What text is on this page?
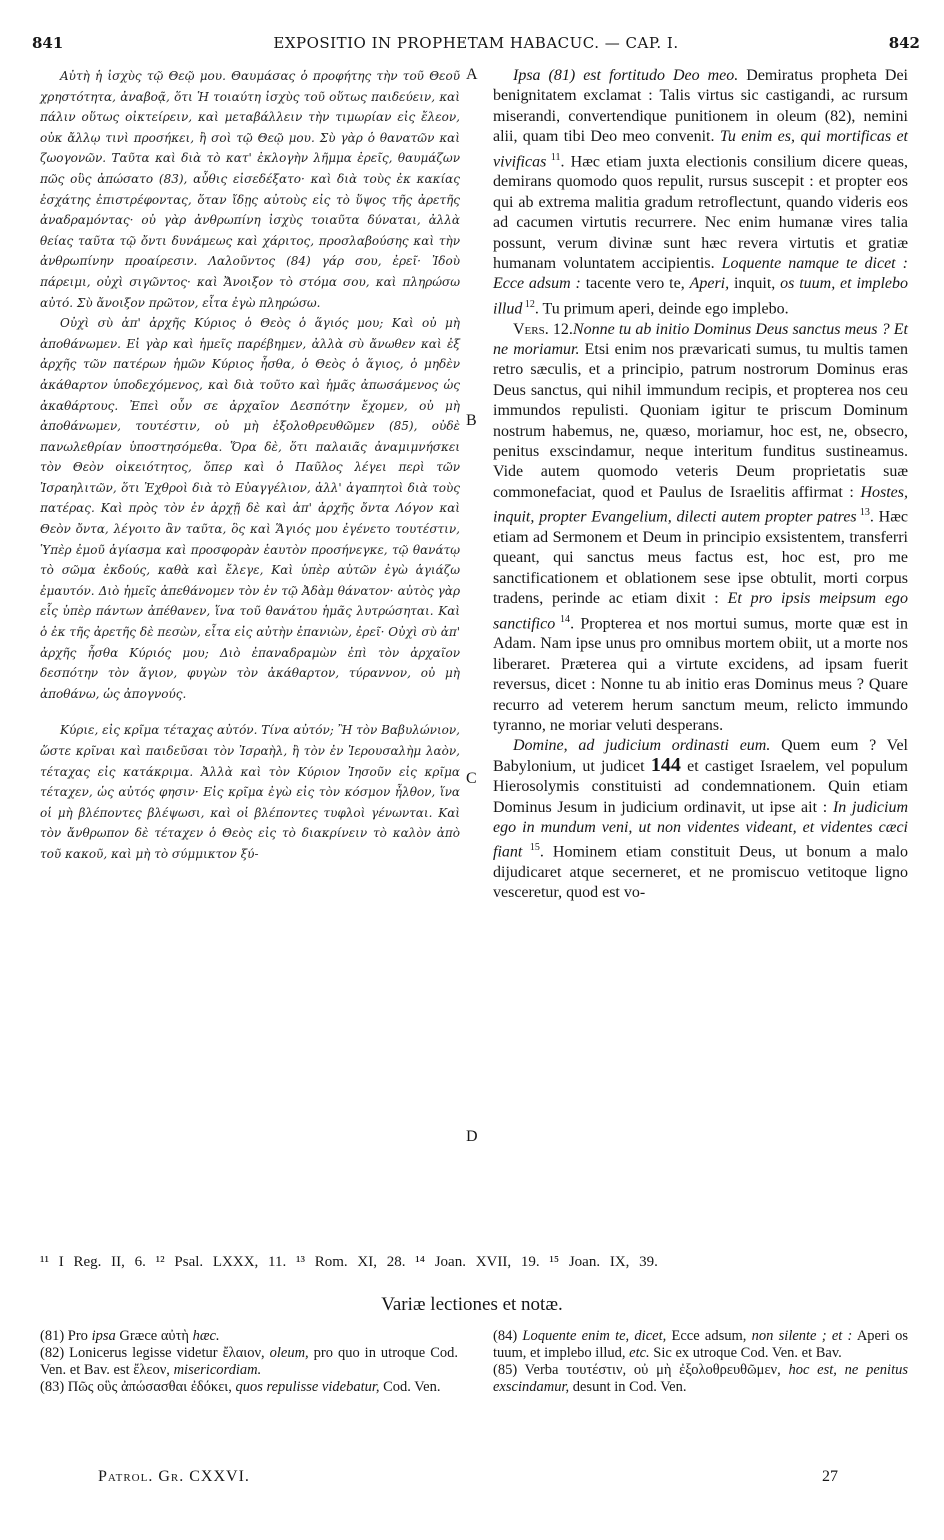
841	EXPOSITIO IN PROPHETAM HABACUC. — CAP. I.	842

Αὐτὴ ἡ ἰσχὺς τῷ Θεῷ μου. Θαυμάσας ὁ προφήτης τὴν τοῦ Θεοῦ χρηστότητα, ἀναβοᾷ, ὅτι Ἡ τοιαύτη ἰσχὺς τοῦ οὕτως παιδεύειν, καὶ πάλιν οὕτως οἰκτείρειν, καὶ μεταβάλλειν τὴν τιμωρίαν εἰς ἔλεον, οὐκ ἄλλῳ τινὶ προσήκει, ἢ σοὶ τῷ Θεῷ μου. Σὺ γὰρ ὁ θανατῶν καὶ ζωογονῶν. Ταῦτα καὶ διὰ τὸ κατ' ἐκλογὴν λῆμμα ἐρεῖς, θαυμάζων πῶς οὓς ἀπώσατο (83), αὖθις εἰσεδέξατο· καὶ διὰ τοὺς ἐκ κακίας ἐσχάτης ἐπιστρέφοντας, ὅταν ἴδῃς αὐτοὺς εἰς τὸ ὕψος τῆς ἀρετῆς ἀναδραμόντας· οὐ γὰρ ἀνθρωπίνη ἰσχὺς τοιαῦτα δύναται, ἀλλὰ θείας ταῦτα τῷ ὄντι δυνάμεως καὶ χάριτος, προσλαβούσης καὶ τὴν ἀνθρωπίνην προαίρεσιν. Λαλοῦντος (84) γάρ σου, ἐρεῖ· Ἰδοὺ πάρειμι, οὐχὶ σιγῶντος· καὶ Ἄνοιξον τὸ στόμα σου, καὶ πληρώσω αὐτό. Σὺ ἄνοιξον πρῶτον, εἶτα ἐγὼ πληρώσω.

Οὐχὶ σὺ ἀπ' ἀρχῆς Κύριος ὁ Θεὸς ὁ ἅγιός μου; Καὶ οὐ μὴ ἀποθάνωμεν. Εἰ γὰρ καὶ ἡμεῖς παρέβημεν, ἀλλὰ σὺ ἄνωθεν καὶ ἐξ ἀρχῆς τῶν πατέρων ἡμῶν Κύριος ἦσθα, ὁ Θεὸς ὁ ἅγιος, ὁ μηδὲν ἀκάθαρτον ὑποδεχόμενος, καὶ διὰ τοῦτο καὶ ἡμᾶς ἀπωσάμενος ὡς ἀκαθάρτους. Ἐπεὶ οὖν σε ἀρχαῖον Δεσπότην ἔχομεν, οὐ μὴ ἀποθάνωμεν, τουτέστιν, οὐ μὴ ἐξολοθρευθῶμεν (85), οὐδὲ πανωλεθρίαν ὑποστησόμεθα. Ὅρα δὲ, ὅτι παλαιᾶς ἀναμιμνήσκει τὸν Θεὸν οἰκειότητος, ὅπερ καὶ ὁ Παῦλος λέγει περὶ τῶν Ἰσραηλιτῶν, ὅτι Ἐχθροὶ διὰ τὸ Εὐαγγέλιον, ἀλλ' ἀγαπητοὶ διὰ τοὺς πατέρας. Καὶ πρὸς τὸν ἐν ἀρχῇ δὲ καὶ ἀπ' ἀρχῆς ὄντα Λόγον καὶ Θεὸν ὄντα, λέγοιτο ἂν ταῦτα, ὃς καὶ Ἅγιός μου ἐγένετο τουτέστιν, Ὑπὲρ ἐμοῦ ἁγίασμα καὶ προσφορὰν ἑαυτὸν προσήνεγκε, τῷ θανάτῳ τὸ σῶμα ἐκδούς, καθὰ καὶ ἔλεγε, Καὶ ὑπὲρ αὐτῶν ἐγὼ ἁγιάζω ἐμαυτόν. Διὸ ἡμεῖς ἀπεθάνομεν τὸν ἐν τῷ Ἀδὰμ θάνατον· αὐτὸς γὰρ εἷς ὑπὲρ πάντων ἀπέθανεν, ἵνα τοῦ θανάτου ἡμᾶς λυτρώσηται. Καὶ ὁ ἐκ τῆς ἀρετῆς δὲ πεσὼν, εἶτα εἰς αὐτὴν ἐπανιὼν, ἐρεῖ· Οὐχὶ σὺ ἀπ' ἀρχῆς ἦσθα Κύριός μου; Διὸ ἐπαναδραμὼν ἐπὶ τὸν ἀρχαῖον δεσπότην τὸν ἅγιον, φυγὼν τὸν ἀκάθαρτον, τύραννον, οὐ μὴ ἀποθάνω, ὡς ἀπογνούς.

Κύριε, εἰς κρῖμα τέταχας αὐτόν. Τίνα αὐτόν; Ἢ τὸν Βαβυλώνιον, ὥστε κρῖναι καὶ παιδεῦσαι τὸν Ἰσραὴλ, ἢ τὸν ἐν Ἱερουσαλὴμ λαὸν, τέταχας εἰς κατάκριμα. Ἀλλὰ καὶ τὸν Κύριον Ἰησοῦν εἰς κρῖμα τέταχεν, ὡς αὐτός φησιν· Εἰς κρῖμα ἐγὼ εἰς τὸν κόσμον ἦλθον, ἵνα οἱ μὴ βλέποντες βλέψωσι, καὶ οἱ βλέποντες τυφλοὶ γένωνται. Καὶ τὸν ἄνθρωπον δὲ τέταχεν ὁ Θεὸς εἰς τὸ διακρίνειν τὸ καλὸν ἀπὸ τοῦ κακοῦ, καὶ μὴ τὸ σύμμικτον ξύ-

A
B
C
D

Ipsa (81) est fortitudo Deo meo. Demiratus propheta Dei benignitatem exclamat : Talis virtus sic castigandi, ac rursum miserandi, convertendique punitionem in oleum (82), nemini alii, quam tibi Deo meo convenit. Tu enim es, qui mortificas et vivificas $^{11}$. Hæc etiam juxta electionis consilium dicere queas, demirans quomodo quos repulit, rursus suscepit : et propter eos qui ab extrema malitia gradum retroflectunt, quando videris eos ad cacumen virtutis recurrere. Nec enim humanæ vires talia possunt, verum divinæ sunt hæc revera virtutis et gratiæ humanam voluntatem accipientis. Loquente namque te dicet : Ecce adsum : tacente vero te, Aperi, inquit, os tuum, et implebo illud $^{12}$. Tu primum aperi, deinde ego implebo.

Vers. 12.Nonne tu ab initio Dominus Deus sanctus meus ? Et ne moriamur. Etsi enim nos prævaricati sumus, tu multis tamen retro sæculis, et a principio, patrum nostrorum Dominus eras Deus sanctus, qui nihil immundum recipis, et propterea nos ceu immundos repulisti. Quoniam igitur te priscum Dominum nostrum habemus, ne, quæso, moriamur, hoc est, ne, obsecro, penitus exscindamur, neque interitum funditus sustineamus. Vide autem quomodo veteris Deum proprietatis suæ commonefaciat, quod et Paulus de Israelitis affirmat : Hostes, inquit, propter Evangelium, dilecti autem propter patres $^{13}$. Hæc etiam ad Sermonem et Deum in principio exsistentem, transferri queant, qui sanctus meus factus est, hoc est, pro me sanctificationem et oblationem sese ipse obtulit, morti corpus tradens, perinde ac etiam dixit : Et pro ipsis meipsum ego sanctifico $^{14}$. Propterea et nos mortui sumus, morte quæ est in Adam. Nam ipse unus pro omnibus mortem obiit, ut a morte nos liberaret. Præterea qui a virtute excidens, ad ipsam fuerit reversus, dicet : Nonne tu ab initio eras Dominus meus ? Quare recurro ad veterem herum sanctum meum, relicto immundo tyranno, ne moriar veluti desperans.

Domine, ad judicium ordinasti eum. Quem eum ? Vel Babylonium, ut judicet 144 et castiget Israelem, vel populum Hierosolymis constituisti ad condemnationem. Quin etiam Dominus Jesum in judicium ordinavit, ut ipse ait : In judicium ego in mundum veni, ut non videntes videant, et videntes cæci fiant $^{15}$. Hominem etiam constituit Deus, ut bonum a malo dijudicaret atque secerneret, et ne promiscuo vetitoque ligno vesceretur, quod est vo-

¹¹ I Reg. II, 6. ¹² Psal. LXXX, 11. ¹³ Rom. XI, 28. ¹⁴ Joan. XVII, 19. ¹⁵ Joan. IX, 39.
Variæ lectiones et notæ.

(81) Pro ipsa Græce αὐτὴ hæc.

(82) Lonicerus legisse videtur ἔλαιον, oleum, pro quo in utroque Cod. Ven. et Bav. est ἔλεον, misericordiam.

(83) Πῶς οὓς ἀπώσασθαι ἐδόκει, quos repulisse videbatur, Cod. Ven.

(84) Loquente enim te, dicet, Ecce adsum, non silente ; et : Aperi os tuum, et implebo illud, etc. Sic ex utroque Cod. Ven. et Bav.

(85) Verba τουτέστιν, οὐ μὴ ἐξολοθρευθῶμεν, hoc est, ne penitus exscindamur, desunt in Cod. Ven.

Patrol. Gr. CXXVI.	27
